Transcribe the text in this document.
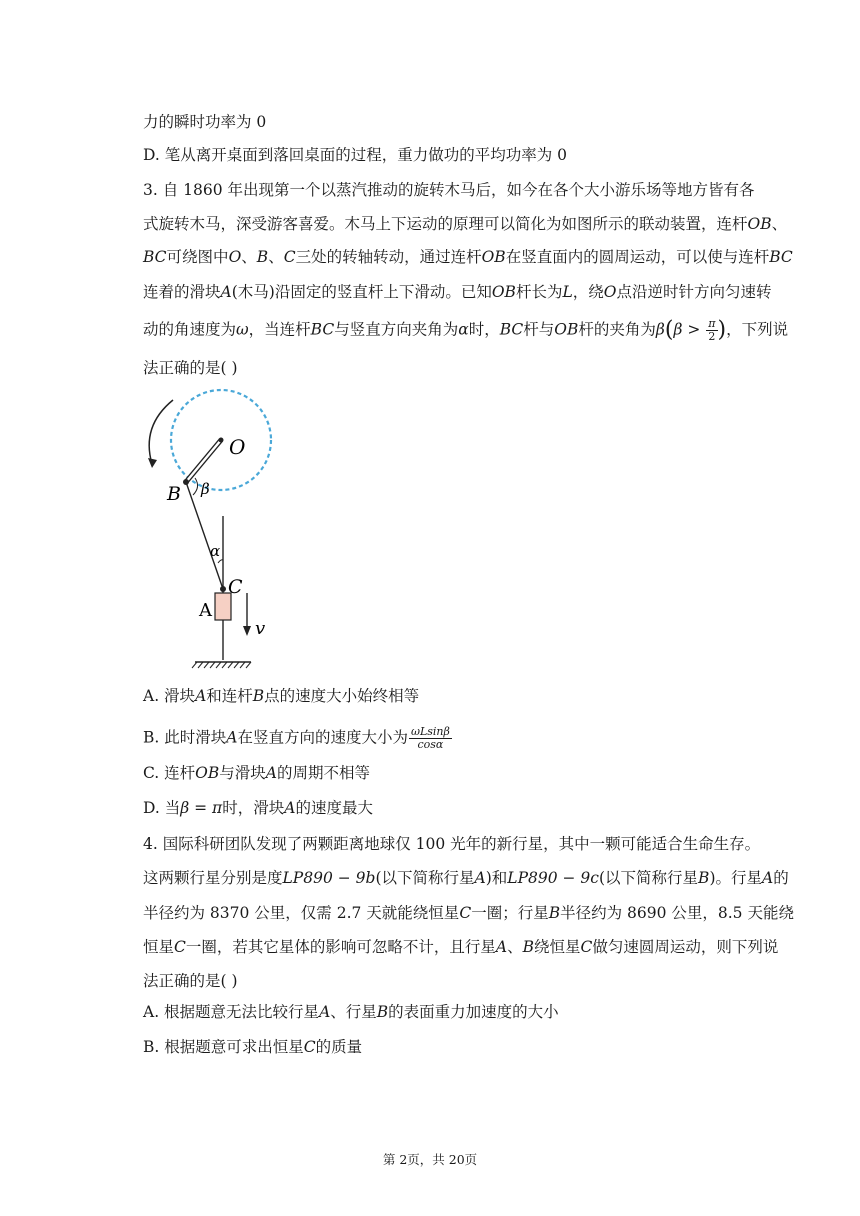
力的瞬时功率为 0
D. 笔从离开桌面到落回桌面的过程，重力做功的平均功率为 0
3. 自 1860 年出现第一个以蒸汽推动的旋转木马后，如今在各个大小游乐场等地方皆有各
式旋转木马，深受游客喜爱。木马上下运动的原理可以简化为如图所示的联动装置，连杆OB、
BC可绕图中O、B、C三处的转轴转动，通过连杆OB在竖直面内的圆周运动，可以使与连杆BC
连着的滑块A(木马)沿固定的竖直杆上下滑动。已知OB杆长为L，绕O点沿逆时针方向匀速转
动的角速度为ω，当连杆BC与竖直方向夹角为α时，BC杆与OB杆的夹角为$\beta(\beta > \frac{\pi}{2}$ )，下列说
法正确的是( )
O
B β
α
C
A
v
A. 滑块A和连杆B点的速度大小始终相等
B. 此时滑块A在竖直方向的速度大小为 $\frac{\omega Lsin\beta}{\cos\alpha}$
C. 连杆OB与滑块A的周期不相等
D. 当β = π时，滑块A的速度最大
4. 国际科研团队发现了两颗距离地球仅 100 光年的新行星，其中一颗可能适合生命生存。
这两颗行星分别是度LP890 − 9b(以下简称行星A)和LP890 − 9c(以下简称行星B)。行星A的
半径约为 8370 公里，仅需 2.7 天就能绕恒星C一圈；行星B半径约为 8690 公里，8.5 天能绕
恒星C一圈，若其它星体的影响可忽略不计，且行星A、B绕恒星C做匀速圆周运动，则下列说
法正确的是( )
A. 根据题意无法比较行星A、行星B的表面重力加速度的大小
B. 根据题意可求出恒星C的质量
第 2页，共 20页
